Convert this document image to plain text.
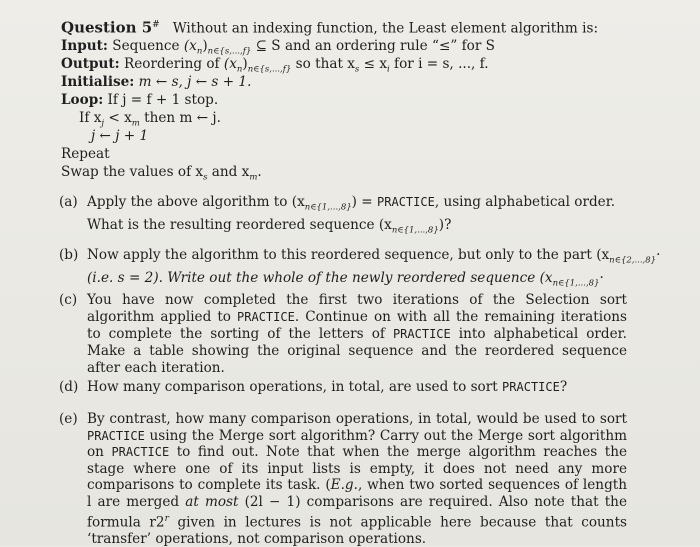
Question 5# Without an indexing function, the Least element algorithm is:
Input: Sequence $(x_n)_{n\in\{s,...,f\}}$ ⊆ S and an ordering rule “≤” for S
Output: Reordering of $(x_n)_{n\in\{s,...,f\}}$ so that $x_s \le x_i$ for i = s, ..., f.
Initialise: m ← s, j ← s + 1.
Loop: If j = f + 1 stop.
If $x_j < x_m$ then m ← j.
j ← j + 1
Repeat
Swap the values of $x_s$ and $x_m$.
(a) Apply the above algorithm to $(x_{n\in\{1,...,8\}})$ = PRACTICE, using alphabetical order.
What is the resulting reordered sequence $(x_{n\in\{1,...,8\}})$?
(b) Now apply the algorithm to this reordered sequence, but only to the part ($x_{n\in\{2,...,8\}}\cdot$
(i.e. s = 2). Write out the whole of the newly reordered sequence ($x_{n\in\{1,...,8\}}\cdot$
(c) You have now completed the first two iterations of the Selection sort algorithm applied to PRACTICE. Continue on with all the remaining iterations to complete the sorting of the letters of PRACTICE into alphabetical order. Make a table showing the original sequence and the reordered sequence after each iteration.
(d) How many comparison operations, in total, are used to sort PRACTICE?
(e) By contrast, how many comparison operations, in total, would be used to sort PRACTICE using the Merge sort algorithm? Carry out the Merge sort algorithm on PRACTICE to find out. Note that when the merge algorithm reaches the stage where one of its input lists is empty, it does not need any more comparisons to complete its task. (E.g., when two sorted sequences of length l are merged at most (2l − 1) comparisons are required. Also note that the formula r2$^r$ given in lectures is not applicable here because that counts ‘transfer’ operations, not comparison operations.
